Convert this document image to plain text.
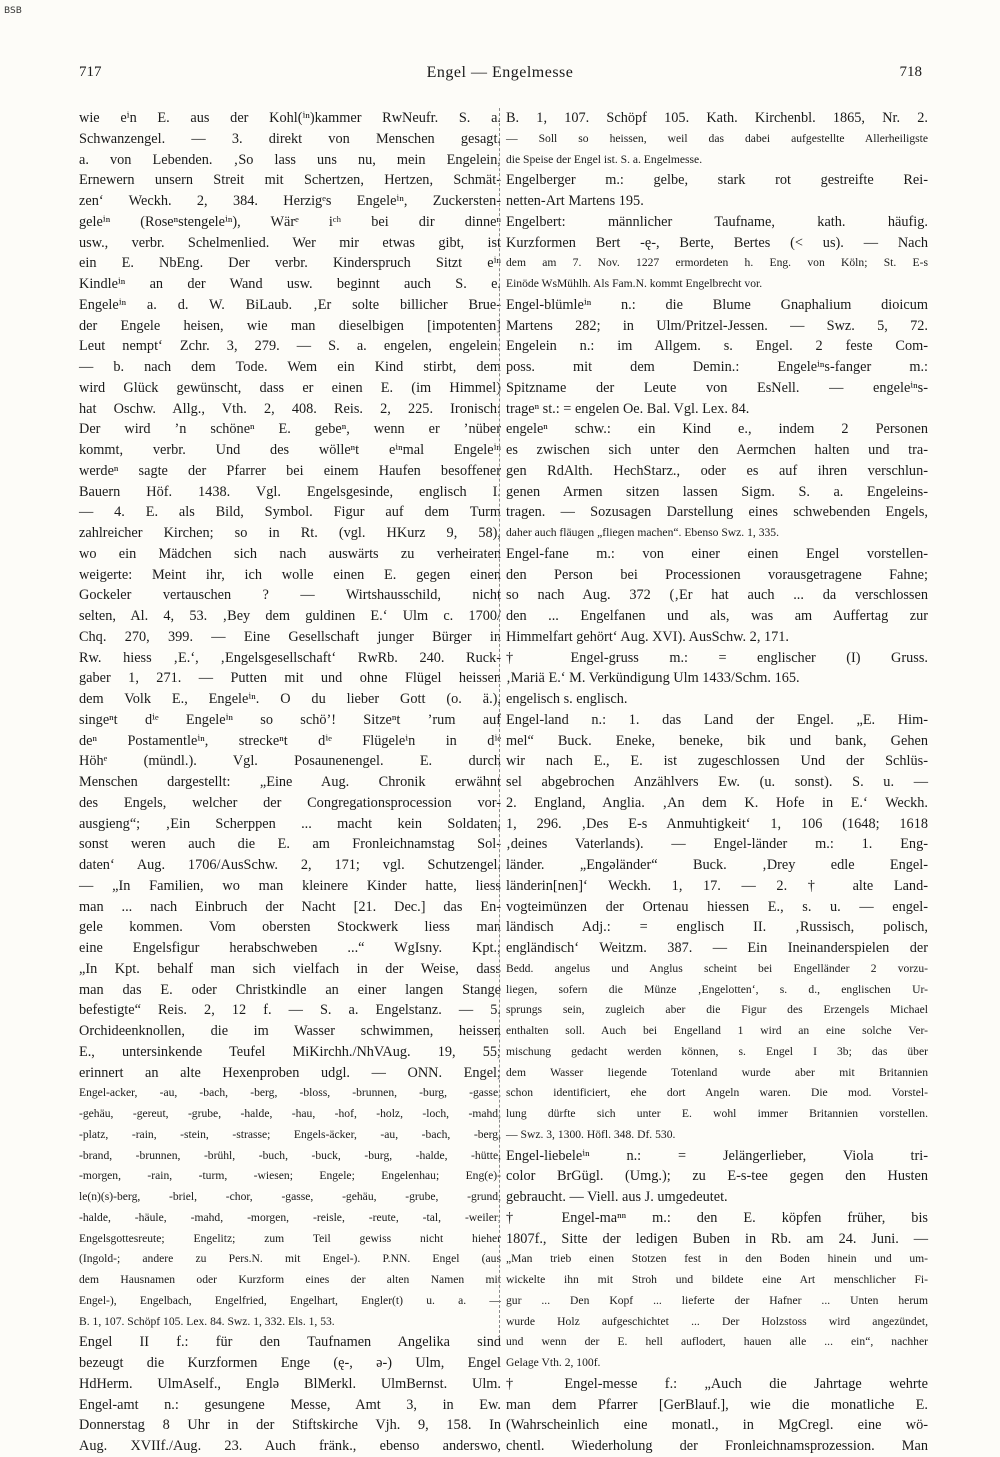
BSB
717	Engel — Engelmesse	718
wie eⁱn E. aus der Kohl(ⁱⁿ)kammer RwNeufr. S. a.
Schwanzengel. — 3. direkt von Menschen gesagt.
a. von Lebenden. ‚So lass uns nu, mein Engelein,
Ernewern unsern Streit mit Schertzen, Hertzen, Schmät-
zen‘ Weckh. 2, 384. Herzigᵉs Engeleⁱⁿ, Zuckersten-
geleⁱⁿ (Roseⁿstengeleⁱⁿ), Wärᵉ iᶜʰ bei dir dinneⁿ
usw., verbr. Schelmenlied. Wer mir etwas gibt, ist
ein E. NbEng. Der verbr. Kinderspruch Sitzt eⁱⁿ
Kindleⁱⁿ an der Wand usw. beginnt auch S. e.
Engeleⁱⁿ a. d. W. BiLaub. ‚Er solte billicher Brue-
der Engele heisen, wie man dieselbigen [impotenten]
Leut nempt‘ Zchr. 3, 279. — S. a. engelen, engelein.
— b. nach dem Tode. Wem ein Kind stirbt, dem
wird Glück gewünscht, dass er einen E. (im Himmel)
hat Oschw. Allg., Vth. 2, 408. Reis. 2, 225. Ironisch:
Der wird ’n schöneⁿ E. gebeⁿ, wenn er ’nüber
kommt, verbr. Und des wölleⁿt eⁱⁿmal Engeleⁱⁿ
werdeⁿ sagte der Pfarrer bei einem Haufen besoffener
Bauern Höf. 1438. Vgl. Engelsgesinde, englisch I.
— 4. E. als Bild, Symbol. Figur auf dem Turm
zahlreicher Kirchen; so in Rt. (vgl. HKurz 9, 58),
wo ein Mädchen sich nach auswärts zu verheiraten
weigerte: Meint ihr, ich wolle einen E. gegen einen
Gockeler vertauschen ? — Wirtshausschild, nicht
selten, Al. 4, 53. ‚Bey dem guldinen E.‘ Ulm c. 1700/
Chq. 270, 399. — Eine Gesellschaft junger Bürger in
Rw. hiess ‚E.‘, ‚Engelsgesellschaft‘ RwRb. 240. Ruck-
gaber 1, 271. — Putten mit und ohne Flügel heissen
dem Volk E., Engeleⁱⁿ. O du lieber Gott (o. ä.),
singeⁿt dⁱᵉ Engeleⁱⁿ so schö’! Sitzeⁿt ’rum auf
deⁿ Postamentleⁱⁿ, streckeⁿt dⁱᵉ Flügeleⁱn in dⁱᵉ
Höhᵉ (mündl.). Vgl. Posaunenengel. E. durch
Menschen dargestellt: „Eine Aug. Chronik erwähnt
des Engels, welcher der Congregationsprocession vor-
ausgieng“; ‚Ein Scherppen ... macht kein Soldaten,
sonst weren auch die E. am Fronleichnamstag Sol-
daten‘ Aug. 1706/AusSchw. 2, 171; vgl. Schutzengel.
— „In Familien, wo man kleinere Kinder hatte, liess
man ... nach Einbruch der Nacht [21. Dec.] das En-
gele kommen. Vom obersten Stockwerk liess man
eine Engelsfigur herabschweben ...“ WgIsny. Kpt.;
„In Kpt. behalf man sich vielfach in der Weise, dass
man das E. oder Christkindle an einer langen Stange
befestigte“ Reis. 2, 12 f. — S. a. Engelstanz. — 5.
Orchideenknollen, die im Wasser schwimmen, heissen
E., untersinkende Teufel MiKirchh./NhVAug. 19, 55;
erinnert an alte Hexenproben udgl. — ONN. Engel;
Engel-acker, -au, -bach, -berg, -bloss, -brunnen, -burg, -gasse,
-gehäu, -gereut, -grube, -halde, -hau, -hof, -holz, -loch, -mahd,
-platz, -rain, -stein, -strasse; Engels-äcker, -au, -bach, -berg,
-brand, -brunnen, -brühl, -buch, -buck, -burg, -halde, -hütte,
-morgen, -rain, -turm, -wiesen; Engele; Engelenhau; Eng(e)-
le(n)(s)-berg, -briel, -chor, -gasse, -gehäu, -grube, -grund,
-halde, -häule, -mahd, -morgen, -reisle, -reute, -tal, -weiler;
Engelsgottesreute; Engelitz; zum Teil gewiss nicht hieher
(Ingold-; andere zu Pers.N. mit Engel-). P.NN. Engel (aus
dem Hausnamen oder Kurzform eines der alten Namen mit
Engel-), Engelbach, Engelfried, Engelhart, Engler(t) u. a. —
B. 1, 107. Schöpf 105. Lex. 84. Swz. 1, 332. Els. 1, 53.
Engel II f.: für den Taufnamen Angelika sind
bezeugt die Kurzformen Enge (ę-, ə-) Ulm, Engel
HdHerm. UlmAself., Englə BlMerkl. UlmBernst. Ulm.
Engel-amt n.: gesungene Messe, Amt 3, in Ew.
Donnerstag 8 Uhr in der Stiftskirche Vjh. 9, 158. In
Aug. XVIIf./Aug. 23. Auch fränk., ebenso anderswo,
B. 1, 107. Schöpf 105. Kath. Kirchenbl. 1865, Nr. 2.
— Soll so heissen, weil das dabei aufgestellte Allerheiligste
die Speise der Engel ist. S. a. Engelmesse.
Engelberger m.: gelbe, stark rot gestreifte Rei-
netten-Art Martens 195.
Engelbert: männlicher Taufname, kath. häufig.
Kurzformen Bert -ę-, Berte, Bertes (< us). — Nach
dem am 7. Nov. 1227 ermordeten h. Eng. von Köln; St. E-s
Einöde WsMühlh. Als Fam.N. kommt Engelbrecht vor.
Engel-blümleⁱⁿ n.: die Blume Gnaphalium dioicum
Martens 282; in Ulm/Pritzel-Jessen. — Swz. 5, 72.
Engelein n.: im Allgem. s. Engel. 2 feste Com-
poss. mit dem Demin.: Engeleⁱⁿs-fanger m.:
Spitzname der Leute von EsNell. — engeleⁱⁿs-
trageⁿ st.: = engelen Oe. Bal. Vgl. Lex. 84.
engeleⁿ schw.: ein Kind e., indem 2 Personen
es zwischen sich unter den Aermchen halten und tra-
gen RdAlth. HechStarz., oder es auf ihren verschlun-
genen Armen sitzen lassen Sigm. S. a. Engeleins-
tragen. — Sozusagen Darstellung eines schwebenden Engels,
daher auch fläugen „fliegen machen“. Ebenso Swz. 1, 335.
Engel-fane m.: von einer einen Engel vorstellen-
den Person bei Processionen vorausgetragene Fahne;
so nach Aug. 372 (‚Er hat auch ... da verschlossen
den ... Engelfanen und als, was am Auffertag zur
Himmelfart gehört‘ Aug. XVI). AusSchw. 2, 171.
† Engel-gruss m.: = englischer (I) Gruss.
‚Mariä E.‘ M. Verkündigung Ulm 1433/Schm. 165.
engelisch s. englisch.
Engel-land n.: 1. das Land der Engel. „E. Him-
mel“ Buck. Eneke, beneke, bik und bank, Gehen
wir nach E., E. ist zugeschlossen Und der Schlüs-
sel abgebrochen Anzählvers Ew. (u. sonst). S. u. —
2. England, Anglia. ‚An dem K. Hofe in E.‘ Weckh.
1, 296. ‚Des E-s Anmuhtigkeit‘ 1, 106 (1648; 1618
‚deines Vaterlands). — Engel-länder m.: 1. Eng-
länder. „Engəländer“ Buck. ‚Drey edle Engel-
länderin[nen]‘ Weckh. 1, 17. — 2. † alte Land-
vogteimünzen der Ortenau hiessen E., s. u. — engel-
ländisch Adj.: = englisch II. ‚Russisch, polisch,
engländisch‘ Weitzm. 387. — Ein Ineinanderspielen der
Bedd. angelus und Anglus scheint bei Engelländer 2 vorzu-
liegen, sofern die Münze ‚Engelotten‘, s. d., englischen Ur-
sprungs sein, zugleich aber die Figur des Erzengels Michael
enthalten soll. Auch bei Engelland 1 wird an eine solche Ver-
mischung gedacht werden können, s. Engel I 3b; das über
dem Wasser liegende Totenland wurde aber mit Britannien
schon identificiert, ehe dort Angeln waren. Die mod. Vorstel-
lung dürfte sich unter E. wohl immer Britannien vorstellen.
— Swz. 3, 1300. Höfl. 348. Df. 530.
Engel-liebeleⁱⁿ n.: = Jelängerlieber, Viola tri-
color BrGügl. (Umg.); zu E-s-tee gegen den Husten
gebraucht. — Viell. aus J. umgedeutet.
† Engel-maⁿⁿ m.: den E. köpfen früher, bis
1807f., Sitte der ledigen Buben in Rb. am 24. Juni. —
„Man trieb einen Stotzen fest in den Boden hinein und um-
wickelte ihn mit Stroh und bildete eine Art menschlicher Fi-
gur ... Den Kopf ... lieferte der Hafner ... Unten herum
wurde Holz aufgeschichtet ... Der Holzstoss wird angezündet,
und wenn der E. hell auflodert, hauen alle ... ein“, nachher
Gelage Vth. 2, 100f.
† Engel-messe f.: „Auch die Jahrtage wehrte
man dem Pfarrer [GerBlauf.], wie die monatliche E.
(Wahrscheinlich eine monatl., in MgCregl. eine wö-
chentl. Wiederholung der Fronleichnamsprozession. Man
